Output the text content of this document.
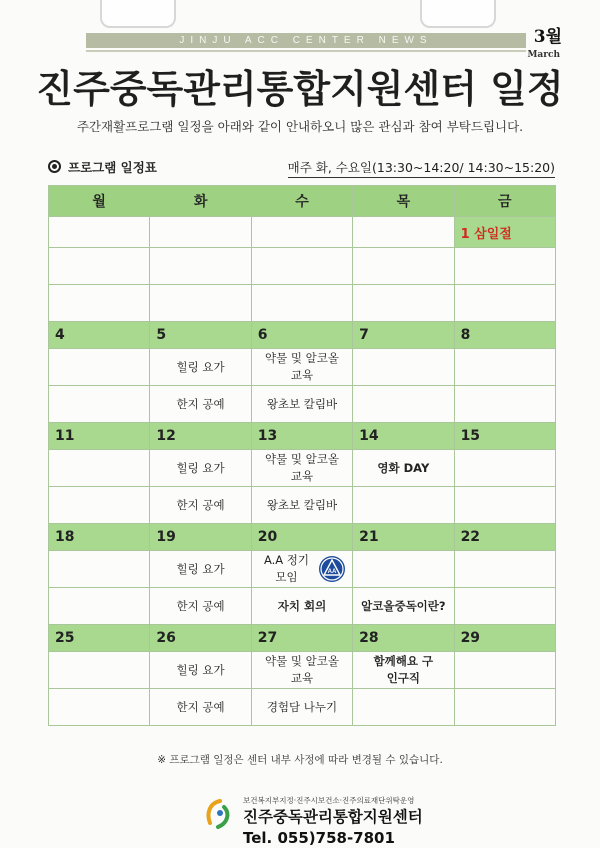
JINJU ACC CENTER NEWS	3월
March
진주중독관리통합지원센터 일정
주간재활프로그램 일정을 아래와 같이 안내하오니 많은 관심과 참여 부탁드립니다.
프로그램 일정표	매주 화, 수요일(13:30~14:20/ 14:30~15:20)
월	화	수	목	금
				1 삼일절

4	5	6	7	8
	힐링 요가	약물 및 알코올 교육		
	한지 공예	왕초보 칼림바		
11	12	13	14	15
	힐링 요가	약물 및 알코올 교육	영화 DAY	
	한지 공예	왕초보 칼림바		
18	19	20	21	22
	힐링 요가	A.A 정기모임 AA		

	한지 공예	자치 회의	알코올중독이란?	
25	26	27	28	29
	힐링 요가	약물 및 알코올 교육	함께해요 구인구직	
	한지 공예	경험담 나누기		
※ 프로그램 일정은 센터 내부 사정에 따라 변경될 수 있습니다.
보건복지부지정·진주시보건소·진주의료재단위탁운영
진주중독관리통합지원센터
Tel. 055)758-7801
